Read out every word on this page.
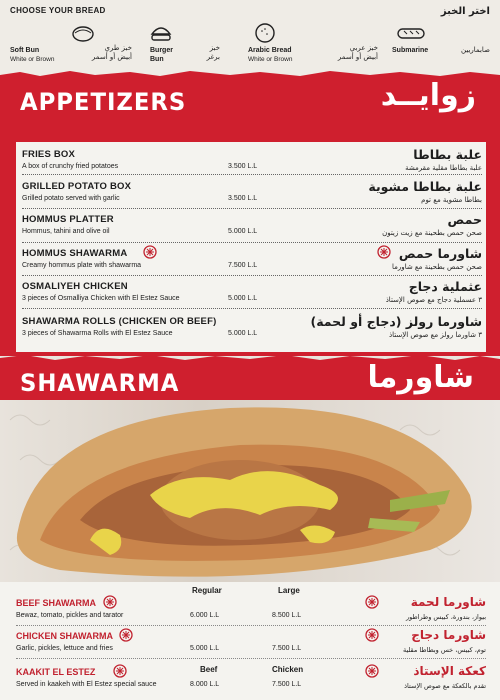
CHOOSE YOUR BREAD	اختر الخبز
Soft Bun
White or Brown
خبز طري
أبيض أو أسمر
Burger
Bun
خبز
برغر
Arabic Bread
White or Brown
خبز عربي
أبيض أو أسمر
Submarine	صابماريين
APPETIZERS	زوايــد
FRIES BOX
A box of crunchy fried potatoes	3.500 L.L
علبة بطاطا
علبة بطاطا مقلية مقرمشة
GRILLED POTATO BOX
Grilled potato served with garlic	3.500 L.L
علبة بطاطا مشوية
بطاطا مشوية مع توم
HOMMUS PLATTER
Hommus, tahini and olive oil	5.000 L.L
حمص
صحن حمص بطحينة مع زيت زيتون
HOMMUS SHAWARMA
Creamy hommus plate with shawarma	7.500 L.L
شاورما حمص
صحن حمص بطحينة مع شاورما
OSMALIYEH CHICKEN
3 pieces of Osmalliya Chicken with El Estez Sauce	5.000 L.L
عثملية دجاج
٣ عسملية دجاج مع صوص الإستاذ
SHAWARMA ROLLS (CHICKEN OR BEEF)
3 pieces of Shawarma Rolls with El Estez Sauce	5.000 L.L
شاورما رولز (دجاج أو لحمة)
٣ شاورما رولز مع صوص الإستاذ
SHAWARMA	شاورما
Regular	Large
BEEF SHAWARMA
Bewaz, tomato, pickles and tarator	6.000 L.L	8.500 L.L
شاورما لحمة
بيواز، بندورة، كبيس وطراطور
CHICKEN SHAWARMA
Garlic, pickles, lettuce and fries	5.000 L.L	7.500 L.L
شاورما دجاج
توم، كبيس، خس وبطاطا مقلية
KAAKIT EL ESTEZ	Beef	Chicken
Served in kaakeh with El Estez special sauce	8.000 L.L	7.500 L.L
كعكة الإستاذ
تقدم بالكعكة مع صوص الإستاذ
